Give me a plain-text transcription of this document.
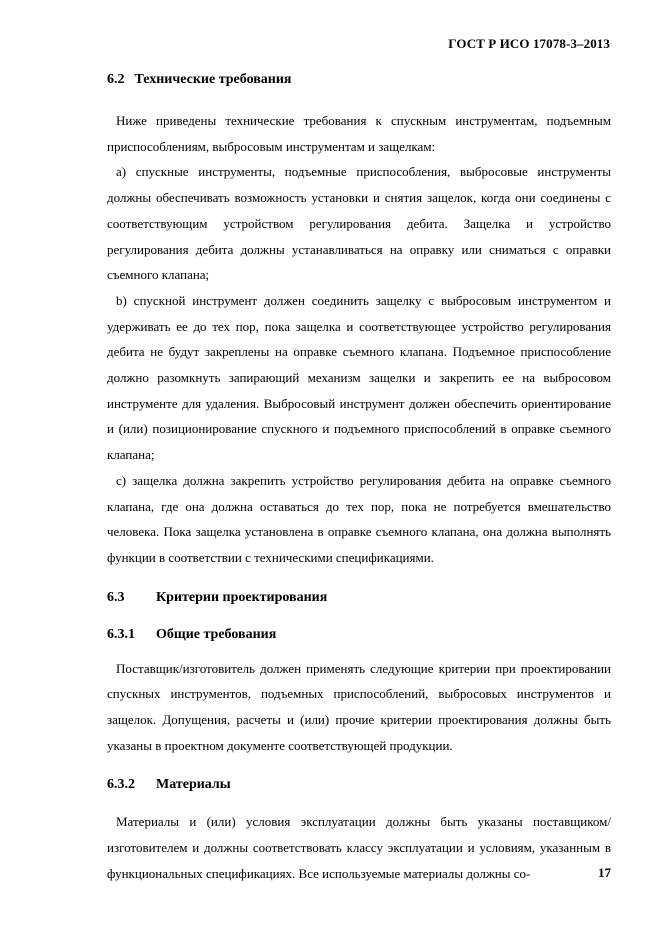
ГОСТ Р ИСО 17078-3–2013
6.2 Технические требования

Ниже приведены технические требования к спускным инструментам, подъемным приспособлениям, выбросовым инструментам и защелкам:

а) спускные инструменты, подъемные приспособления, выбросовые инструменты должны обеспечивать возможность установки и снятия защелок, когда они соединены с соответствующим устройством регулирования дебита. Защелка и устройство регулирования дебита должны устанавливаться на оправку или сниматься с оправки съемного клапана;

b) спускной инструмент должен соединить защелку с выбросовым инструментом и удерживать ее до тех пор, пока защелка и соответствующее устройство регулирования дебита не будут закреплены на оправке съемного клапана. Подъемное приспособление должно разомкнуть запирающий механизм защелки и закрепить ее на выбросовом инструменте для удаления. Выбросовый инструмент должен обеспечить ориентирование и (или) позиционирование спускного и подъемного приспособлений в оправке съемного клапана;

с) защелка должна закрепить устройство регулирования дебита на оправке съемного клапана, где она должна оставаться до тех пор, пока не потребуется вмешательство человека. Пока защелка установлена в оправке съемного клапана, она должна выполнять функции в соответствии с техническими спецификациями.

6.3 Критерии проектирования
6.3.1 Общие требования

Поставщик/изготовитель должен применять следующие критерии при проектировании спускных инструментов, подъемных приспособлений, выбросовых инструментов и защелок. Допущения, расчеты и (или) прочие критерии проектирования должны быть указаны в проектном документе соответствующей продукции.

6.3.2 Материалы

Материалы и (или) условия эксплуатации должны быть указаны поставщиком/изготовителем и должны соответствовать классу эксплуатации и условиям, указанным в функциональных спецификациях. Все используемые материалы должны со-	17
